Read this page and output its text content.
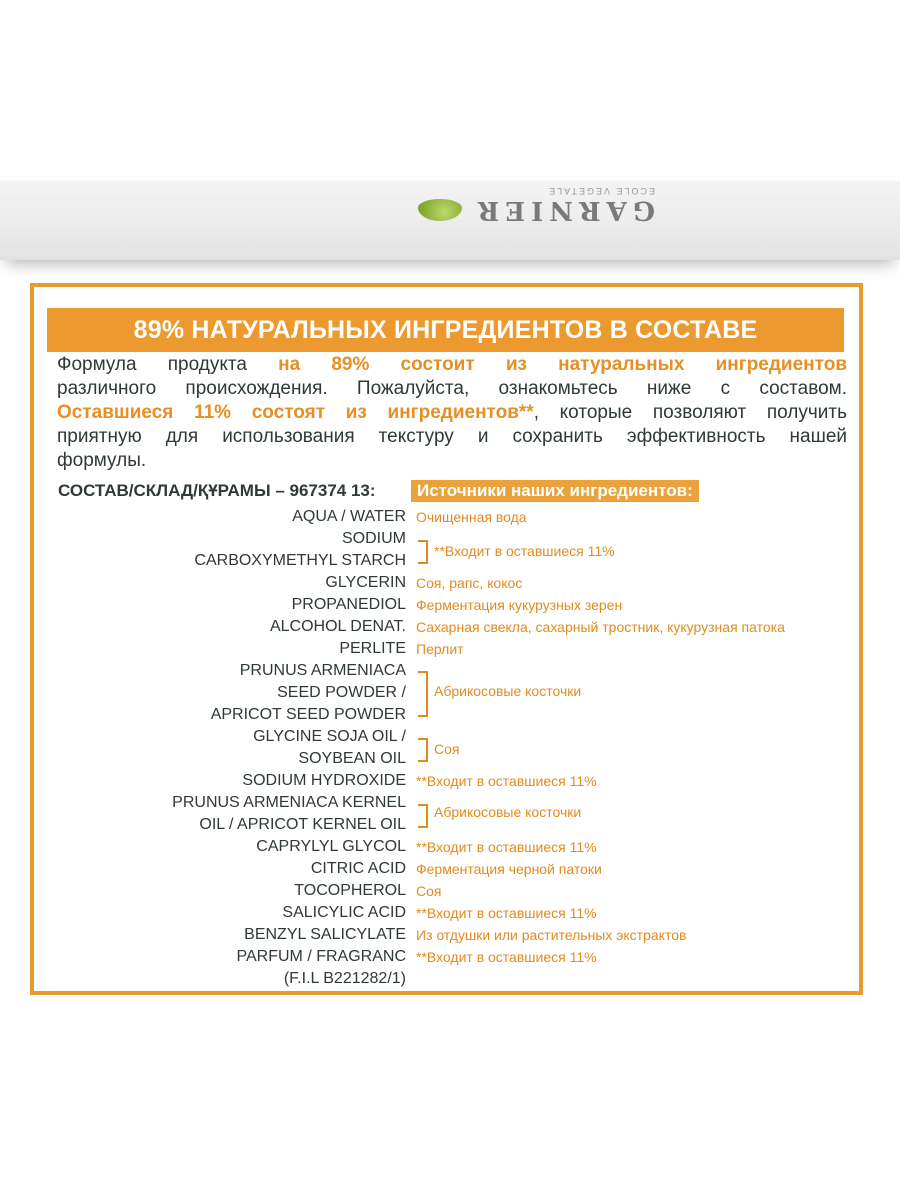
GARNIER
ECOLE VEGETALE
89% НАТУРАЛЬНЫХ ИНГРЕДИЕНТОВ В СОСТАВЕ
Формула продукта на 89% состоит из натуральных ингредиентов
различного происхождения. Пожалуйста, ознакомьтесь ниже с составом.
Оставшиеся 11% состоят из ингредиентов**, которые позволяют получить
приятную для использования текстуру и сохранить эффективность нашей
формулы.
СОСТАВ/СКЛАД/ҚҰРАМЫ – 967374 13:	Источники наших ингредиентов:
AQUA / WATER
SODIUM
CARBOXYMETHYL STARCH
GLYCERIN
PROPANEDIOL
ALCOHOL DENAT.
PERLITE
PRUNUS ARMENIACA
SEED POWDER /
APRICOT SEED POWDER
GLYCINE SOJA OIL /
SOYBEAN OIL
SODIUM HYDROXIDE
PRUNUS ARMENIACA KERNEL
OIL / APRICOT KERNEL OIL
CAPRYLYL GLYCOL
CITRIC ACID
TOCOPHEROL
SALICYLIC ACID
BENZYL SALICYLATE
PARFUM / FRAGRANC
(F.I.L B221282/1)
Очищенная вода
**Входит в оставшиеся 11%
Соя, рапс, кокос
Ферментация кукурузных зерен
Сахарная свекла, сахарный тростник, кукурузная патока
Перлит
Абрикосовые косточки
Соя
**Входит в оставшиеся 11%
Абрикосовые косточки
**Входит в оставшиеся 11%
Ферментация черной патоки
Соя
**Входит в оставшиеся 11%
Из отдушки или растительных экстрактов
**Входит в оставшиеся 11%
